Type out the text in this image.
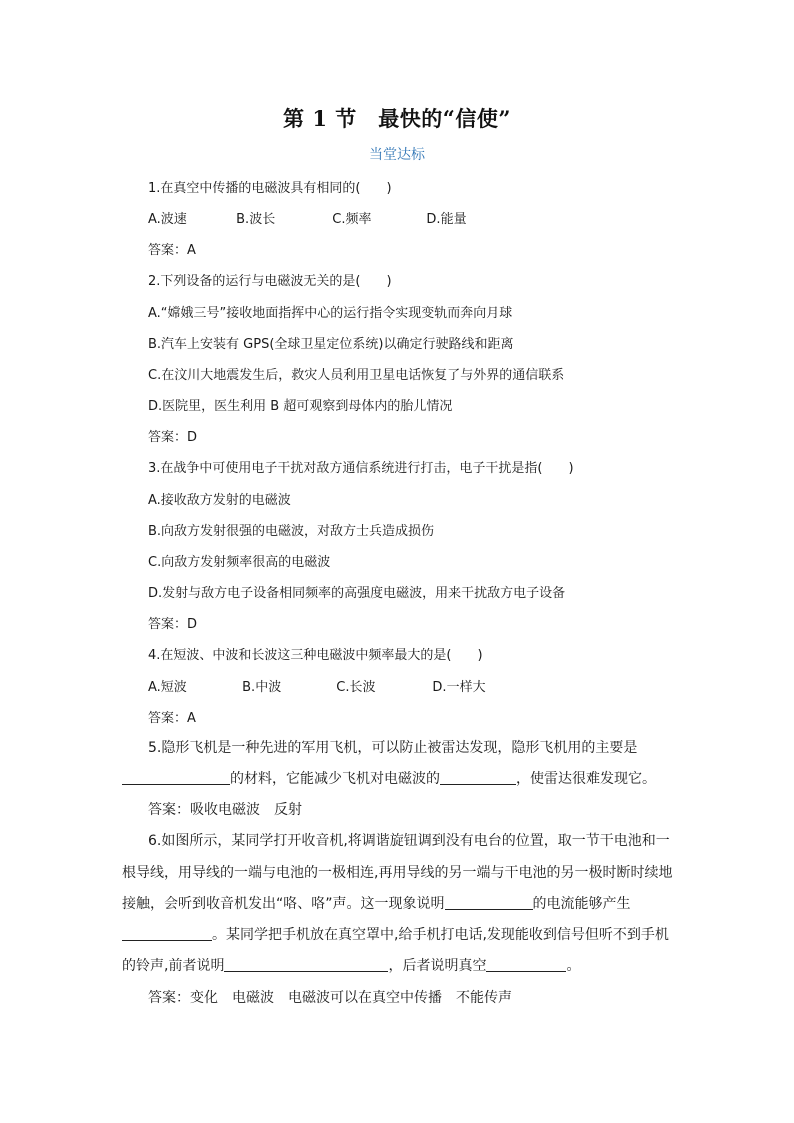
第 1 节　最快的“信使”
当堂达标
1.在真空中传播的电磁波具有相同的(　　)
A.波速	B.波长	C.频率	D.能量
答案：A
2.下列设备的运行与电磁波无关的是(　　)
A.“嫦娥三号”接收地面指挥中心的运行指令实现变轨而奔向月球
B.汽车上安装有 GPS(全球卫星定位系统)以确定行驶路线和距离
C.在汶川大地震发生后，救灾人员利用卫星电话恢复了与外界的通信联系
D.医院里，医生利用 B 超可观察到母体内的胎儿情况
答案：D
3.在战争中可使用电子干扰对敌方通信系统进行打击，电子干扰是指(　　)
A.接收敌方发射的电磁波
B.向敌方发射很强的电磁波，对敌方士兵造成损伤
C.向敌方发射频率很高的电磁波
D.发射与敌方电子设备相同频率的高强度电磁波，用来干扰敌方电子设备
答案：D
4.在短波、中波和长波这三种电磁波中频率最大的是(　　)
A.短波	B.中波	C.长波	D.一样大
答案：A
5.隐形飞机是一种先进的军用飞机，可以防止被雷达发现，隐形飞机用的主要是
的材料，它能减少飞机对电磁波的	，使雷达很难发现它。
答案：吸收电磁波　反射
6.如图所示，某同学打开收音机,将调谐旋钮调到没有电台的位置，取一节干电池和一
根导线，用导线的一端与电池的一极相连,再用导线的另一端与干电池的另一极时断时续地
接触，会听到收音机发出“咯、咯”声。这一现象说明	的电流能够产生
。某同学把手机放在真空罩中,给手机打电话,发现能收到信号但听不到手机
的铃声,前者说明	，后者说明真空	。
答案：变化　电磁波　电磁波可以在真空中传播　不能传声
